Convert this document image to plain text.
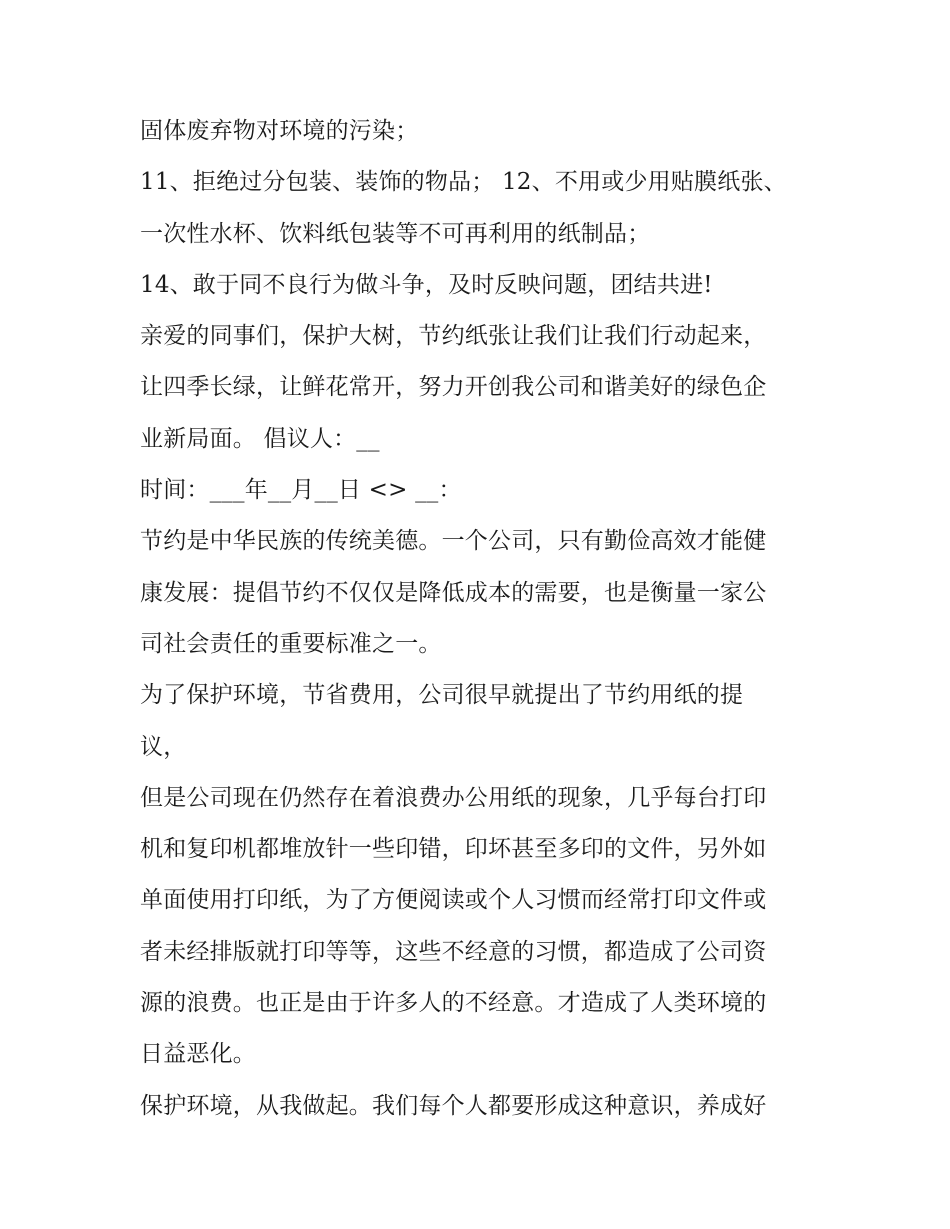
固体废弃物对环境的污染；
11、拒绝过分包装、装饰的物品； 12、不用或少用贴膜纸张、
一次性水杯、饮料纸包装等不可再利用的纸制品；
14、敢于同不良行为做斗争，及时反映问题，团结共进!
亲爱的同事们，保护大树，节约纸张让我们让我们行动起来，
让四季长绿，让鲜花常开，努力开创我公司和谐美好的绿色企
业新局面。 倡议人：__
时间：___年__月__日 <> __：
节约是中华民族的传统美德。一个公司，只有勤俭高效才能健
康发展：提倡节约不仅仅是降低成本的需要，也是衡量一家公
司社会责任的重要标准之一。
为了保护环境，节省费用，公司很早就提出了节约用纸的提
议，
但是公司现在仍然存在着浪费办公用纸的现象，几乎每台打印
机和复印机都堆放针一些印错，印坏甚至多印的文件，另外如
单面使用打印纸，为了方便阅读或个人习惯而经常打印文件或
者未经排版就打印等等，这些不经意的习惯，都造成了公司资
源的浪费。也正是由于许多人的不经意。才造成了人类环境的
日益恶化。
保护环境，从我做起。我们每个人都要形成这种意识，养成好
